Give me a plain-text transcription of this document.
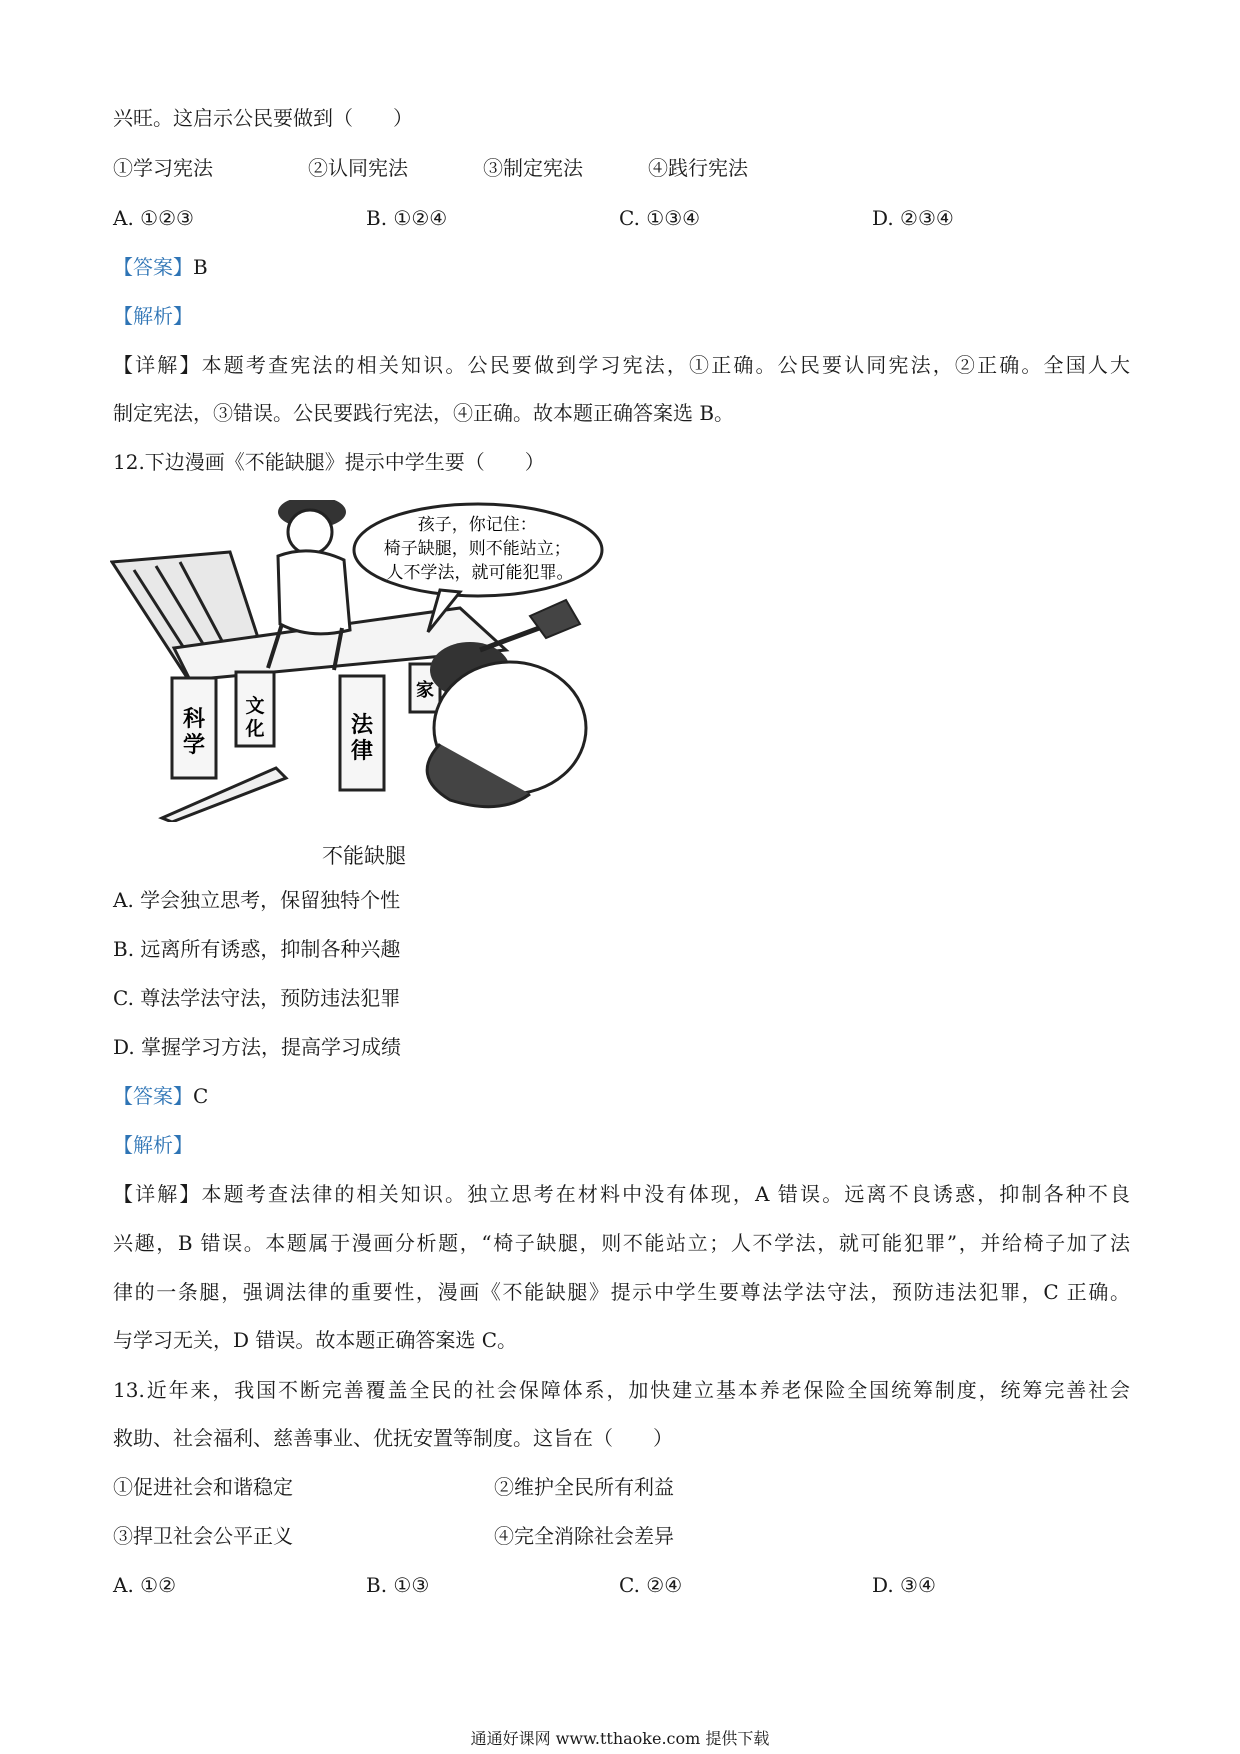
兴旺。这启示公民要做到（　　）
①学习宪法	②认同宪法	③制定宪法	④践行宪法
A. ①②③	B. ①②④	C. ①③④	D. ②③④
【答案】B
【解析】
【详解】本题考查宪法的相关知识。公民要做到学习宪法，①正确。公民要认同宪法，②正确。全国人大
制定宪法，③错误。公民要践行宪法，④正确。故本题正确答案选 B。
12.下边漫画《不能缺腿》提示中学生要（　　）
科学
文化	法律
家
孩子，你记住： 椅子缺腿，则不能站立； 人不学法，就可能犯罪。
不能缺腿
A. 学会独立思考，保留独特个性
B. 远离所有诱惑，抑制各种兴趣
C. 尊法学法守法，预防违法犯罪
D. 掌握学习方法，提高学习成绩
【答案】C
【解析】
【详解】本题考查法律的相关知识。独立思考在材料中没有体现，A 错误。远离不良诱惑，抑制各种不良
兴趣，B 错误。本题属于漫画分析题，“椅子缺腿，则不能站立；人不学法，就可能犯罪”，并给椅子加了法
律的一条腿，强调法律的重要性，漫画《不能缺腿》提示中学生要尊法学法守法，预防违法犯罪，C 正确。
与学习无关，D 错误。故本题正确答案选 C。
13.近年来，我国不断完善覆盖全民的社会保障体系，加快建立基本养老保险全国统筹制度，统筹完善社会
救助、社会福利、慈善事业、优抚安置等制度。这旨在（　　）
①促进社会和谐稳定	②维护全民所有利益
③捍卫社会公平正义	④完全消除社会差异
A. ①②	B. ①③	C. ②④	D. ③④
通通好课网 www.tthaoke.com 提供下载
